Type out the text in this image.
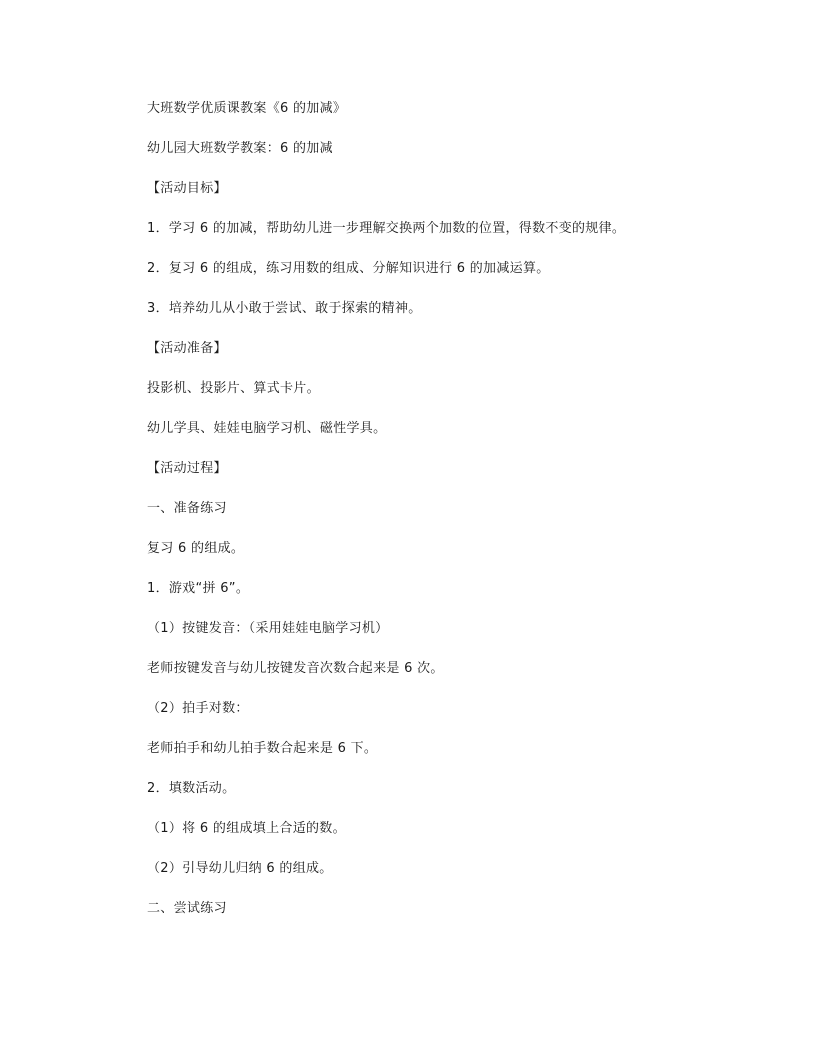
大班数学优质课教案《6 的加减》
幼儿园大班数学教案：6 的加减
【活动目标】
1．学习 6 的加减，帮助幼儿进一步理解交换两个加数的位置，得数不变的规律。
2．复习 6 的组成，练习用数的组成、分解知识进行 6 的加减运算。
3．培养幼儿从小敢于尝试、敢于探索的精神。
【活动准备】
投影机、投影片、算式卡片。
幼儿学具、娃娃电脑学习机、磁性学具。
【活动过程】
一、准备练习
复习 6 的组成。
1．游戏“拼 6”。
（1）按键发音：（采用娃娃电脑学习机）
老师按键发音与幼儿按键发音次数合起来是 6 次。
（2）拍手对数：
老师拍手和幼儿拍手数合起来是 6 下。
2．填数活动。
（1）将 6 的组成填上合适的数。
（2）引导幼儿归纳 6 的组成。
二、尝试练习
